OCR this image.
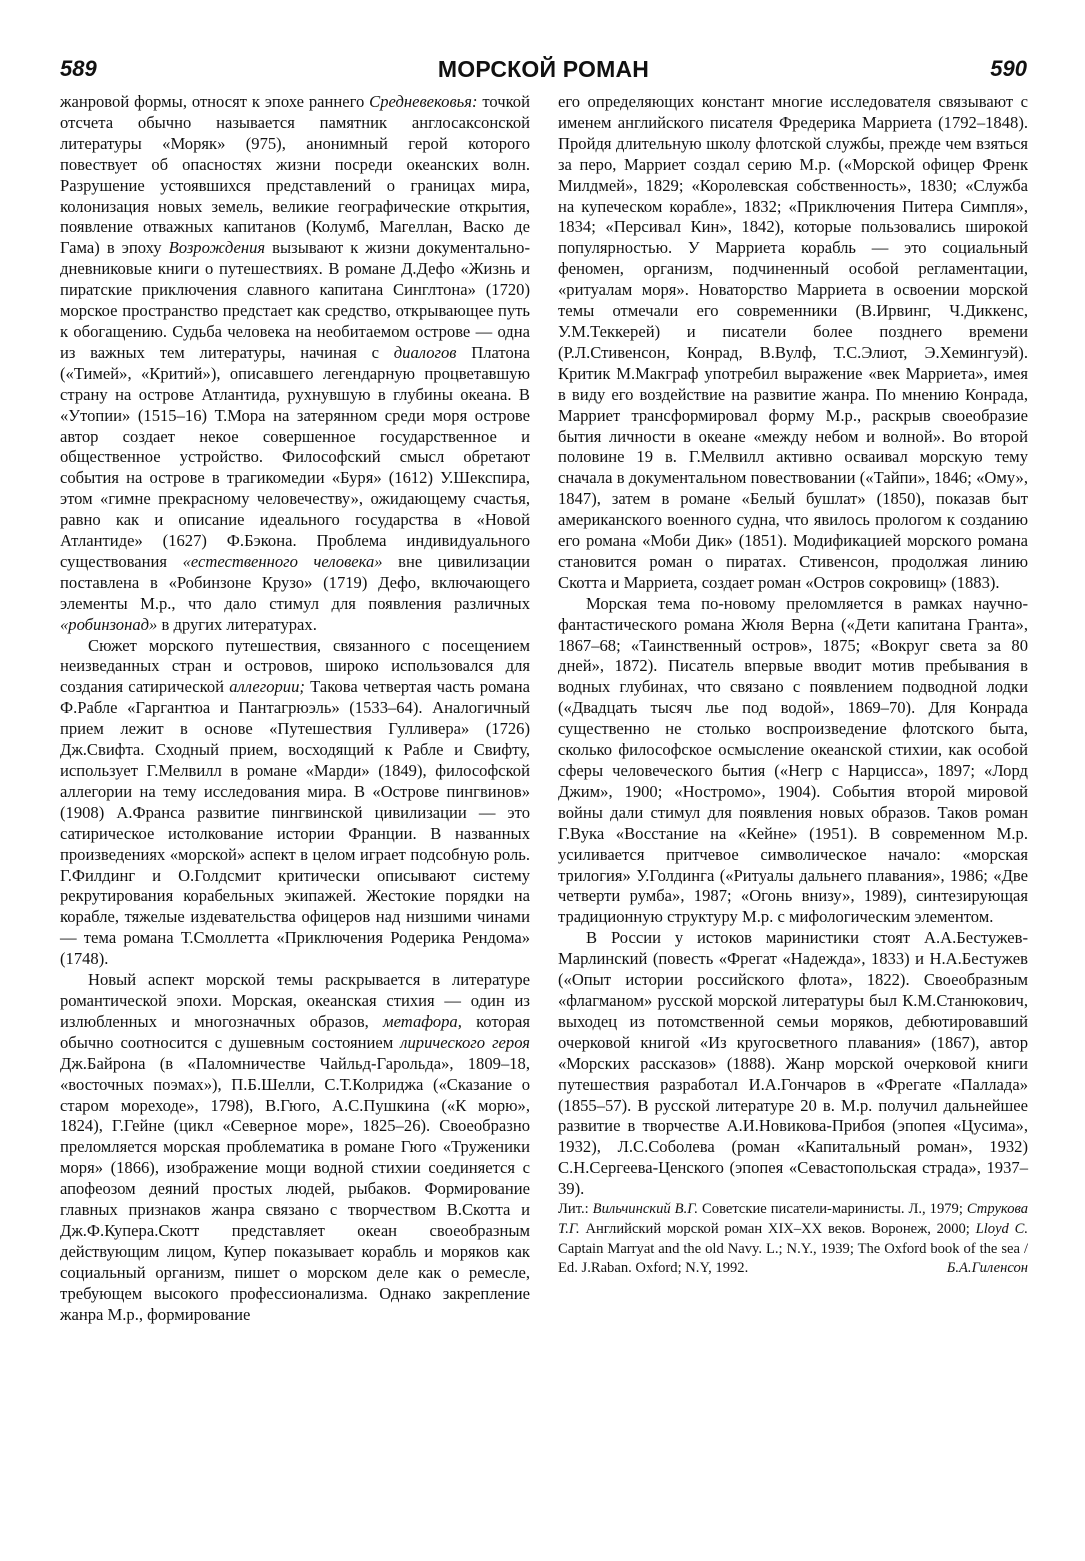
589	МОРСКОЙ РОМАН	590

жанровой формы, относят к эпохе раннего Средневековья: точкой отсчета обычно называется памятник англосаксонской литературы «Моряк» (975), анонимный герой которого повествует об опасностях жизни посреди океанских волн. Разрушение устоявшихся представлений о границах мира, колонизация новых земель, великие географические открытия, появление отважных капитанов (Колумб, Магеллан, Васко де Гама) в эпоху Возрождения вызывают к жизни документально-дневниковые книги о путешествиях. В романе Д.Дефо «Жизнь и пиратские приключения славного капитана Синглтона» (1720) морское пространство предстает как средство, открывающее путь к обогащению. Судьба человека на необитаемом острове — одна из важных тем литературы, начиная с диалогов Платона («Тимей», «Критий»), описавшего легендарную процветавшую страну на острове Атлантида, рухнувшую в глубины океана. В «Утопии» (1515–16) Т.Мора на затерянном среди моря острове автор создает некое совершенное государственное и общественное устройство. Философский смысл обретают события на острове в трагикомедии «Буря» (1612) У.Шекспира, этом «гимне прекрасному человечеству», ожидающему счастья, равно как и описание идеального государства в «Новой Атлантиде» (1627) Ф.Бэкона. Проблема индивидуального существования «естественного человека» вне цивилизации поставлена в «Робинзоне Крузо» (1719) Дефо, включающего элементы М.р., что дало стимул для появления различных «робинзонад» в других литературах.

Сюжет морского путешествия, связанного с посещением неизведанных стран и островов, широко использовался для создания сатирической аллегории; Такова четвертая часть романа Ф.Рабле «Гаргантюа и Пантагрюэль» (1533–64). Аналогичный прием лежит в основе «Путешествия Гулливера» (1726) Дж.Свифта. Сходный прием, восходящий к Рабле и Свифту, использует Г.Мелвилл в романе «Марди» (1849), философской аллегории на тему исследования мира. В «Острове пингвинов» (1908) А.Франса развитие пингвинской цивилизации — это сатирическое истолкование истории Франции. В названных произведениях «морской» аспект в целом играет подсобную роль. Г.Филдинг и О.Голдсмит критически описывают систему рекрутирования корабельных экипажей. Жестокие порядки на корабле, тяжелые издевательства офицеров над низшими чинами — тема романа Т.Смоллетта «Приключения Родерика Рендома» (1748).

Новый аспект морской темы раскрывается в литературе романтической эпохи. Морская, океанская стихия — один из излюбленных и многозначных образов, метафора, которая обычно соотносится с душевным состоянием лирического героя Дж.Байрона (в «Паломничестве Чайльд-Гарольда», 1809–18, «восточных поэмах»), П.Б.Шелли, С.Т.Колриджа («Сказание о старом мореходе», 1798), В.Гюго, А.С.Пушкина («К морю», 1824), Г.Гейне (цикл «Северное море», 1825–26). Своеобразно преломляется морская проблематика в романе Гюго «Труженики моря» (1866), изображение мощи водной стихии соединяется с апофеозом деяний простых людей, рыбаков. Формирование главных признаков жанра связано с творчеством В.Скотта и Дж.Ф.Купера.Скотт представляет океан своеобразным действующим лицом, Купер показывает корабль и моряков как социальный организм, пишет о морском деле как о ремесле, требующем высокого профессионализма. Однако закрепление жанра М.р., формирование

его определяющих констант многие исследователя связывают с именем английского писателя Фредерика Марриета (1792–1848). Пройдя длительную школу флотской службы, прежде чем взяться за перо, Марриет создал серию М.р. («Морской офицер Френк Милдмей», 1829; «Королевская собственность», 1830; «Служба на купеческом корабле», 1832; «Приключения Питера Симпля», 1834; «Персивал Кин», 1842), которые пользовались широкой популярностью. У Марриета корабль — это социальный феномен, организм, подчиненный особой регламентации, «ритуалам моря». Новаторство Марриета в освоении морской темы отмечали его современники (В.Ирвинг, Ч.Диккенс, У.М.Теккерей) и писатели более позднего времени (Р.Л.Стивенсон, Конрад, В.Вулф, Т.С.Элиот, Э.Хемингуэй). Критик М.Макграф употребил выражение «век Марриета», имея в виду его воздействие на развитие жанра. По мнению Конрада, Марриет трансформировал форму М.р., раскрыв своеобразие бытия личности в океане «между небом и волной». Во второй половине 19 в. Г.Мелвилл активно осваивал морскую тему сначала в документальном повествовании («Тайпи», 1846; «Ому», 1847), затем в романе «Белый бушлат» (1850), показав быт американского военного судна, что явилось прологом к созданию его романа «Моби Дик» (1851). Модификацией морского романа становится роман о пиратах. Стивенсон, продолжая линию Скотта и Марриета, создает роман «Остров сокровищ» (1883).

Морская тема по-новому преломляется в рамках научно-фантастического романа Жюля Верна («Дети капитана Гранта», 1867–68; «Таинственный остров», 1875; «Вокруг света за 80 дней», 1872). Писатель впервые вводит мотив пребывания в водных глубинах, что связано с появлением подводной лодки («Двадцать тысяч лье под водой», 1869–70). Для Конрада существенно не столько воспроизведение флотского быта, сколько философское осмысление океанской стихии, как особой сферы человеческого бытия («Негр с Нарцисса», 1897; «Лорд Джим», 1900; «Ностромо», 1904). События второй мировой войны дали стимул для появления новых образов. Таков роман Г.Вука «Восстание на «Кейне» (1951). В современном М.р. усиливается притчевое символическое начало: «морская трилогия» У.Голдинга («Ритуалы дальнего плавания», 1986; «Две четверти румба», 1987; «Огонь внизу», 1989), синтезирующая традиционную структуру М.р. с мифологическим элементом.

В России у истоков маринистики стоят А.А.Бестужев-Марлинский (повесть «Фрегат «Надежда», 1833) и Н.А.Бестужев («Опыт истории российского флота», 1822). Своеобразным «флагманом» русской морской литературы был К.М.Станюкович, выходец из потомственной семьи моряков, дебютировавший очерковой книгой «Из кругосветного плавания» (1867), автор «Морских рассказов» (1888). Жанр морской очерковой книги путешествия разработал И.А.Гончаров в «Фрегате «Паллада» (1855–57). В русской литературе 20 в. М.р. получил дальнейшее развитие в творчестве А.И.Новикова-Прибоя (эпопея «Цусима», 1932), Л.С.Соболева (роман «Капитальный роман», 1932) С.Н.Сергеева-Ценского (эпопея «Севастопольская страда», 1937–39).

Лит.: Вильчинский В.Г. Советские писатели-маринисты. Л., 1979; Струкова Т.Г. Английский морской роман XIX–XX веков. Воронеж, 2000; Lloyd C. Captain Marryat and the old Navy. L.; N.Y., 1939; The Oxford book of the sea / Ed. J.Raban. Oxford; N.Y, 1992.	Б.А.Гиленсон
